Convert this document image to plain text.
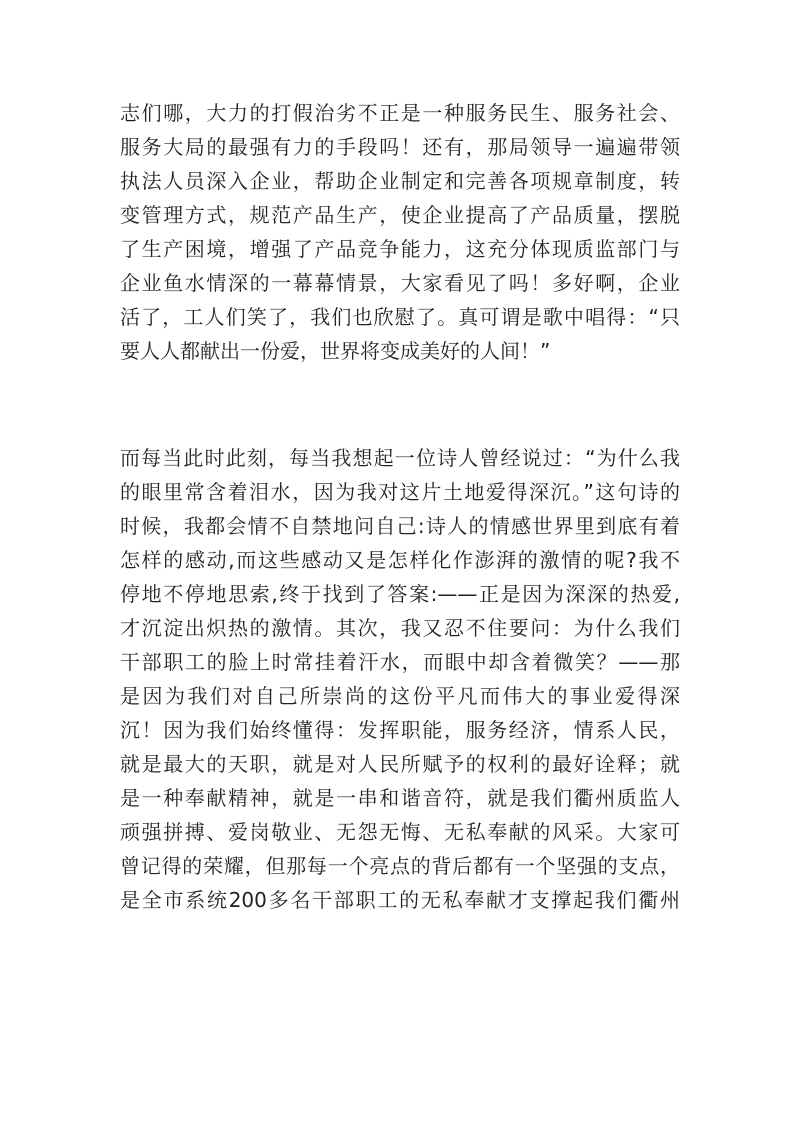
志们哪，大力的打假治劣不正是一种服务民生、服务社会、
服务大局的最强有力的手段吗！还有，那局领导一遍遍带领
执法人员深入企业，帮助企业制定和完善各项规章制度，转
变管理方式，规范产品生产，使企业提高了产品质量，摆脱
了生产困境，增强了产品竞争能力，这充分体现质监部门与
企业鱼水情深的一幕幕情景，大家看见了吗！多好啊，企业
活了，工人们笑了，我们也欣慰了。真可谓是歌中唱得：“只
要人人都献出一份爱，世界将变成美好的人间！”
而每当此时此刻，每当我想起一位诗人曾经说过：“为什么我
的眼里常含着泪水，因为我对这片土地爱得深沉。”这句诗的
时候，我都会情不自禁地问自己:诗人的情感世界里到底有着
怎样的感动,而这些感动又是怎样化作澎湃的激情的呢?我不
停地不停地思索,终于找到了答案:——正是因为深深的热爱,
才沉淀出炽热的激情。其次，我又忍不住要问：为什么我们
干部职工的脸上时常挂着汗水，而眼中却含着微笑？——那
是因为我们对自己所崇尚的这份平凡而伟大的事业爱得深
沉！因为我们始终懂得：发挥职能，服务经济，情系人民，
就是最大的天职，就是对人民所赋予的权利的最好诠释；就
是一种奉献精神，就是一串和谐音符，就是我们衢州质监人
顽强拼搏、爱岗敬业、无怨无悔、无私奉献的风采。大家可
曾记得的荣耀，但那每一个亮点的背后都有一个坚强的支点，
是全市系统200多名干部职工的无私奉献才支撑起我们衢州
